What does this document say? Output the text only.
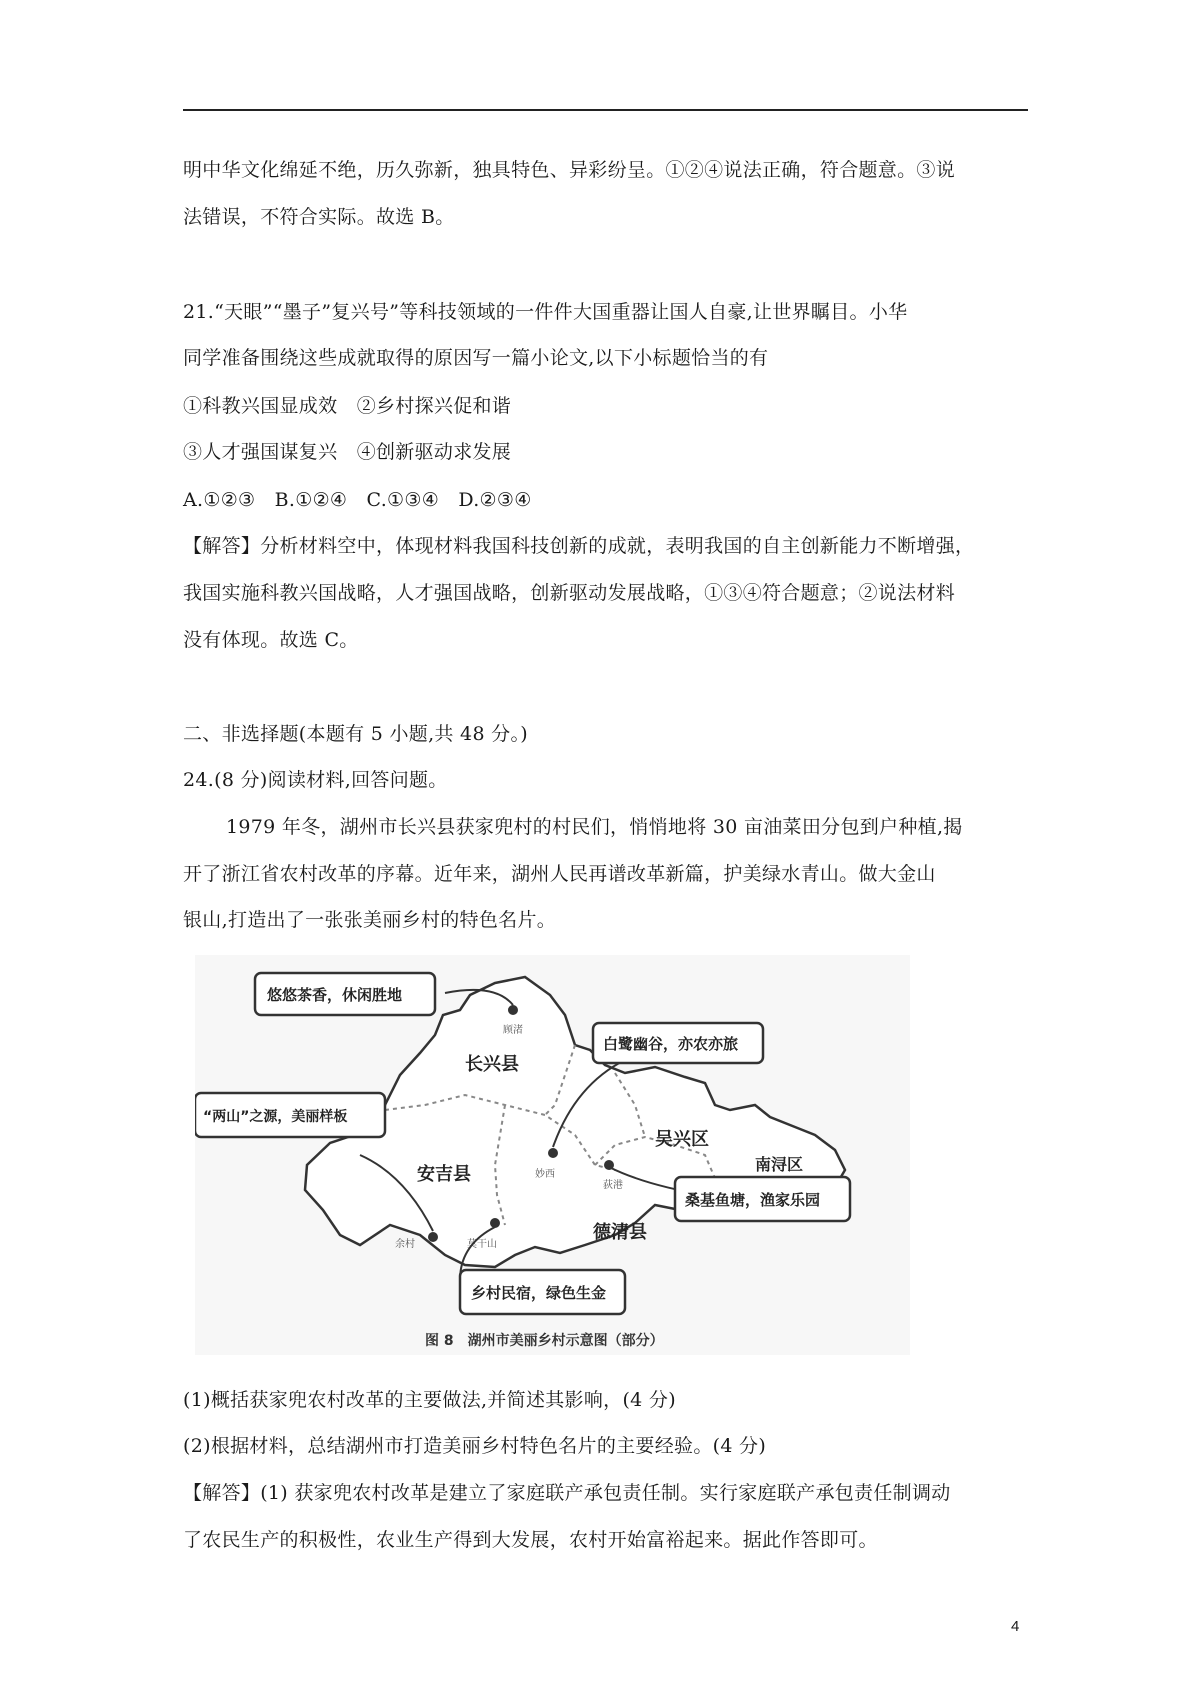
明中华文化绵延不绝，历久弥新，独具特色、异彩纷呈。①②④说法正确，符合题意。③说
法错误，不符合实际。故选 B。
21.“天眼”“墨子”复兴号”等科技领域的一件件大国重器让国人自豪,让世界瞩目。小华
同学准备围绕这些成就取得的原因写一篇小论文,以下小标题恰当的有
①科教兴国显成效　②乡村探兴促和谐
③人才强国谋复兴　④创新驱动求发展
A.①②③　B.①②④　C.①③④　D.②③④
【解答】分析材料空中，体现材料我国科技创新的成就，表明我国的自主创新能力不断增强，
我国实施科教兴国战略，人才强国战略，创新驱动发展战略，①③④符合题意；②说法材料
没有体现。故选 C。
二、非选择题(本题有 5 小题,共 48 分。)
24.(8 分)阅读材料,回答问题。
1979 年冬，湖州市长兴县获家兜村的村民们，悄悄地将 30 亩油菜田分包到户种植,揭
开了浙江省农村改革的序幕。近年来，湖州人民再谱改革新篇，护美绿水青山。做大金山
银山,打造出了一张张美丽乡村的特色名片。
长兴县
吴兴区
南浔区
安吉县
德清县
顾渚
妙西
荻港
余村	莫干山
悠悠茶香，休闲胜地
白鹭幽谷，亦农亦旅
“两山”之源，美丽样板
桑基鱼塘，渔家乐园
乡村民宿，绿色生金
图 8　湖州市美丽乡村示意图（部分）
(1)概括获家兜农村改革的主要做法,并简述其影响，(4 分)
(2)根据材料，总结湖州市打造美丽乡村特色名片的主要经验。(4 分)
【解答】(1) 获家兜农村改革是建立了家庭联产承包责任制。实行家庭联产承包责任制调动
了农民生产的积极性，农业生产得到大发展，农村开始富裕起来。据此作答即可。
4
